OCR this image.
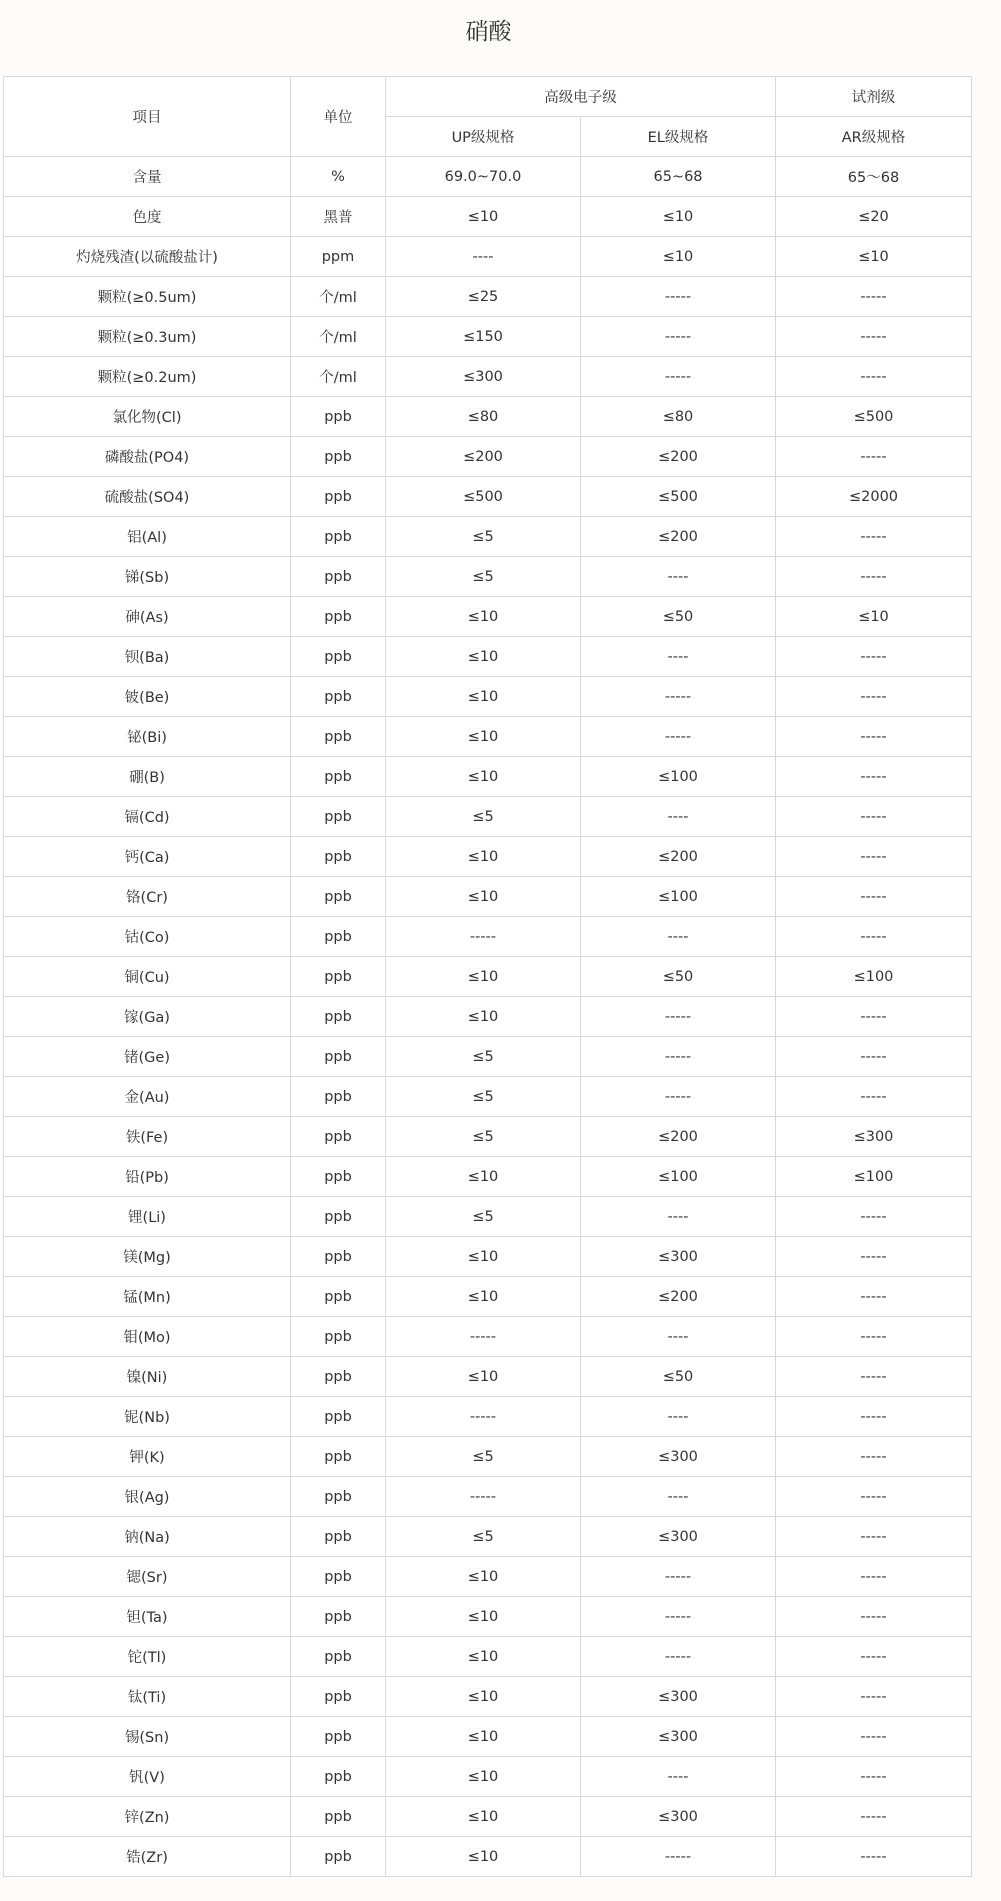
硝酸
项目	单位	高级电子级		试剂级
		UP级规格	EL级规格	AR级规格
含量	%	69.0~70.0	65~68	65～68
色度	黑普	≤10	≤10	≤20
灼烧残渣(以硫酸盐计)	ppm	----	≤10	≤10
颗粒(≥0.5um)	个/ml	≤25	-----	-----
颗粒(≥0.3um)	个/ml	≤150	-----	-----
颗粒(≥0.2um)	个/ml	≤300	-----	-----
氯化物(Cl)	ppb	≤80	≤80	≤500
磷酸盐(PO4)	ppb	≤200	≤200	-----
硫酸盐(SO4)	ppb	≤500	≤500	≤2000
铝(Al)	ppb	≤5	≤200	-----
锑(Sb)	ppb	≤5	----	-----
砷(As)	ppb	≤10	≤50	≤10
钡(Ba)	ppb	≤10	----	-----
铍(Be)	ppb	≤10	-----	-----
铋(Bi)	ppb	≤10	-----	-----
硼(B)	ppb	≤10	≤100	-----
镉(Cd)	ppb	≤5	----	-----
钙(Ca)	ppb	≤10	≤200	-----
铬(Cr)	ppb	≤10	≤100	-----
钴(Co)	ppb	-----	----	-----
铜(Cu)	ppb	≤10	≤50	≤100
镓(Ga)	ppb	≤10	-----	-----
锗(Ge)	ppb	≤5	-----	-----
金(Au)	ppb	≤5	-----	-----
铁(Fe)	ppb	≤5	≤200	≤300
铅(Pb)	ppb	≤10	≤100	≤100
锂(Li)	ppb	≤5	----	-----
镁(Mg)	ppb	≤10	≤300	-----
锰(Mn)	ppb	≤10	≤200	-----
钼(Mo)	ppb	-----	----	-----
镍(Ni)	ppb	≤10	≤50	-----
铌(Nb)	ppb	-----	----	-----
钾(K)	ppb	≤5	≤300	-----
银(Ag)	ppb	-----	----	-----
钠(Na)	ppb	≤5	≤300	-----
锶(Sr)	ppb	≤10	-----	-----
钽(Ta)	ppb	≤10	-----	-----
铊(Tl)	ppb	≤10	-----	-----
钛(Ti)	ppb	≤10	≤300	-----
锡(Sn)	ppb	≤10	≤300	-----
钒(V)	ppb	≤10	----	-----
锌(Zn)	ppb	≤10	≤300	-----
锆(Zr)	ppb	≤10	-----	-----
